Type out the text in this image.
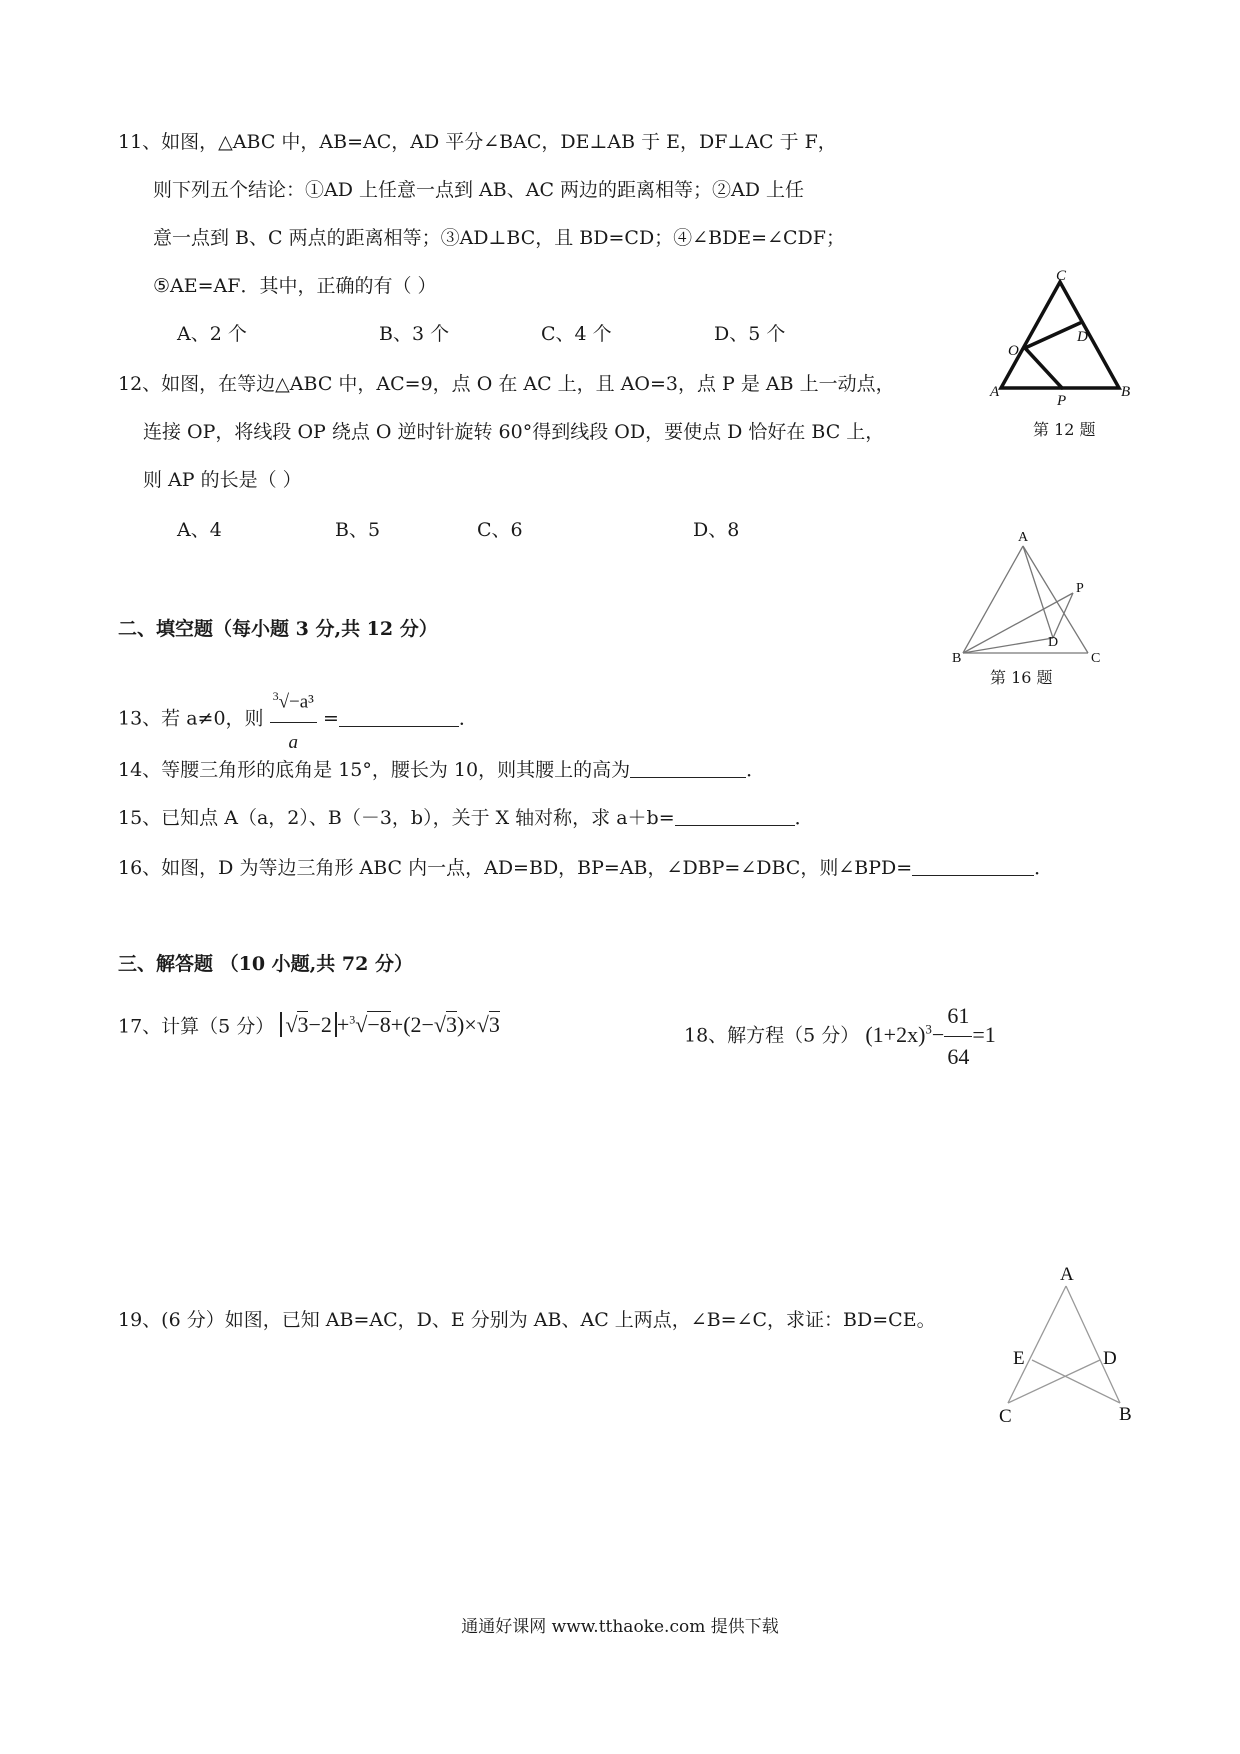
11、如图，△ABC 中，AB=AC，AD 平分∠BAC，DE⊥AB 于 E，DF⊥AC 于 F，
则下列五个结论：①AD 上任意一点到 AB、AC 两边的距离相等；②AD 上任
意一点到 B、C 两点的距离相等；③AD⊥BC，且 BD=CD；④∠BDE=∠CDF；
⑤AE=AF．其中，正确的有（ ）
A、2 个	B、3 个	C、4 个	D、5 个
12、如图，在等边△ABC 中，AC=9，点 O 在 AC 上，且 AO=3，点 P 是 AB 上一动点，
连接 OP，将线段 OP 绕点 O 逆时针旋转 60°得到线段 OD，要使点 D 恰好在 BC 上，
则 AP 的长是（ ）
A、4	B、5	C、6	D、8
C
D
O
A
P
B
第 12 题
A
P
D
B	C
第 16 题
二、填空题（每小题 3 分,共 12 分）
13、若 a≠0，则 $\frac{^3√-a^3}{a}$ =	．
14、等腰三角形的底角是 15°，腰长为 10，则其腰上的高为	．
15、已知点 A（a，2）、B（－3，b），关于 X 轴对称，求 a＋b=	．
16、如图，D 为等边三角形 ABC 内一点，AD=BD，BP=AB，∠DBP=∠DBC，则∠BPD=	．
三、解答题 （10 小题,共 72 分）
17、计算（5 分） √3−2 +$^3$√−8+(2−√3)×√3	18、解方程（5 分） $(1+2x)^3- \frac{61}{64} =1$
19、(6 分）如图，已知 AB=AC，D、E 分别为 AB、AC 上两点，∠B=∠C，求证：BD=CE。
A
E	D
C	B
通通好课网 www.tthaoke.com 提供下载
